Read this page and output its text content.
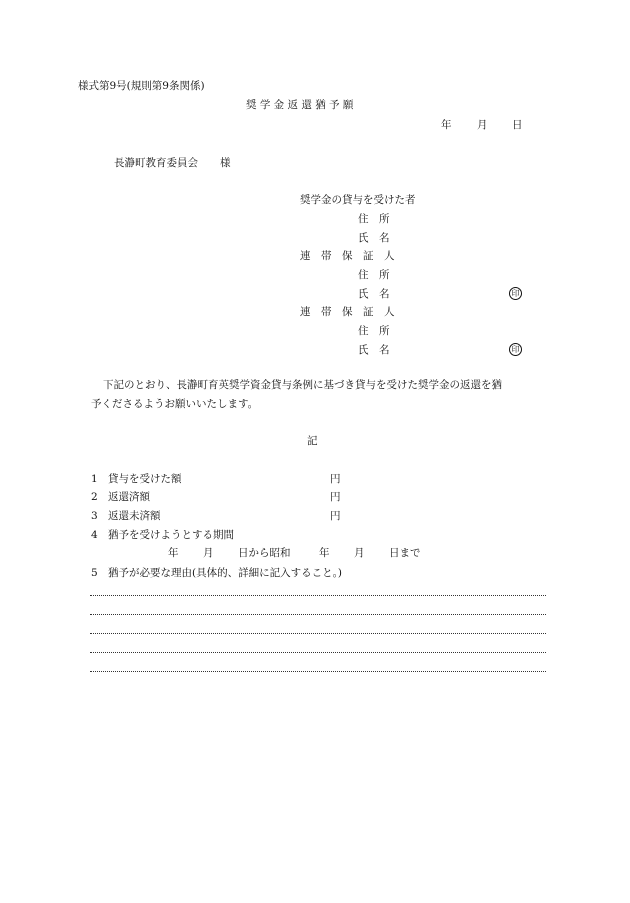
様式第9号(規則第9条関係)
奨 学 金 返 還 猶 予 願
年 月 日
長瀞町教育委員会 様
奨学金の貸与を受けた者
住　所
氏　名
連　帯　保　証　人
住　所
氏　名	印
連　帯　保　証　人
住　所
氏　名	印
下記のとおり、長瀞町育英奨学資金貸与条例に基づき貸与を受けた奨学金の返還を猶
予くださるようお願いいたします。
記
1 貸与を受けた額	円
2 返還済額	円
3 返還未済額	円
4 猶予を受けようとする期間
年 月 日から昭和	年 月 日まで
5 猶予が必要な理由(具体的、詳細に記入すること。)
